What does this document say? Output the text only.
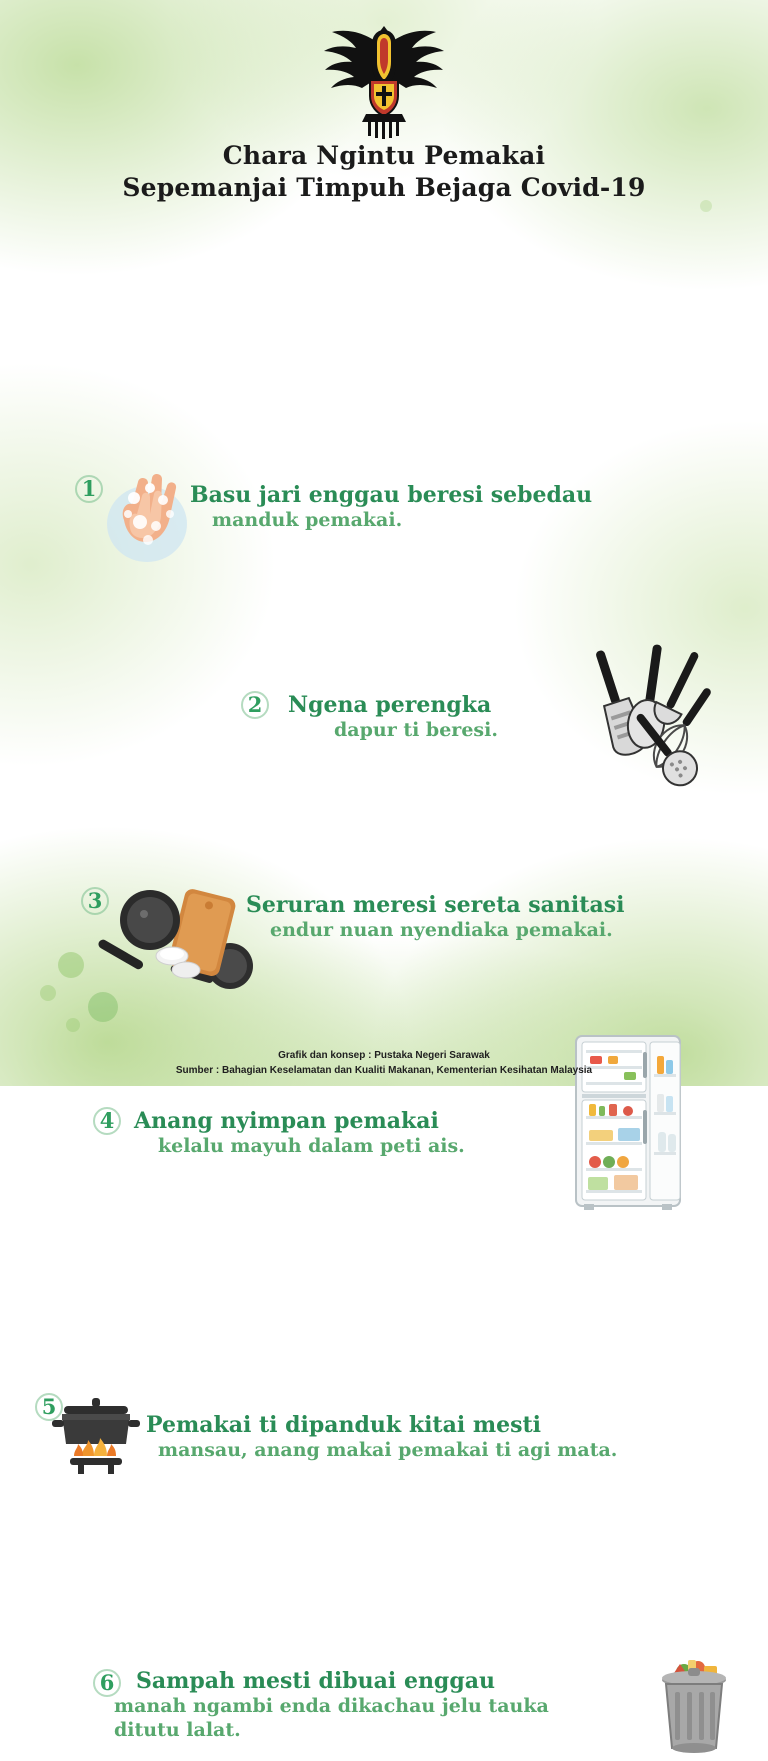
Chara Ngintu Pemakai
Sepemanjai Timpuh Bejaga Covid-19
1	Basu jari enggau beresi sebedau
manduk pemakai.
2	Ngena perengka
dapur ti beresi.
3	Seruran meresi sereta sanitasi
endur nuan nyendiaka pemakai.
4 Anang nyimpan pemakai
kelalu mayuh dalam peti ais.
5
Pemakai ti dipanduk kitai mesti
mansau, anang makai pemakai ti agi mata.
6 Sampah mesti dibuai enggau
manah ngambi enda dikachau jelu tauka
ditutu lalat.
Grafik dan konsep : Pustaka Negeri Sarawak
Sumber : Bahagian Keselamatan dan Kualiti Makanan, Kementerian Kesihatan Malaysia
